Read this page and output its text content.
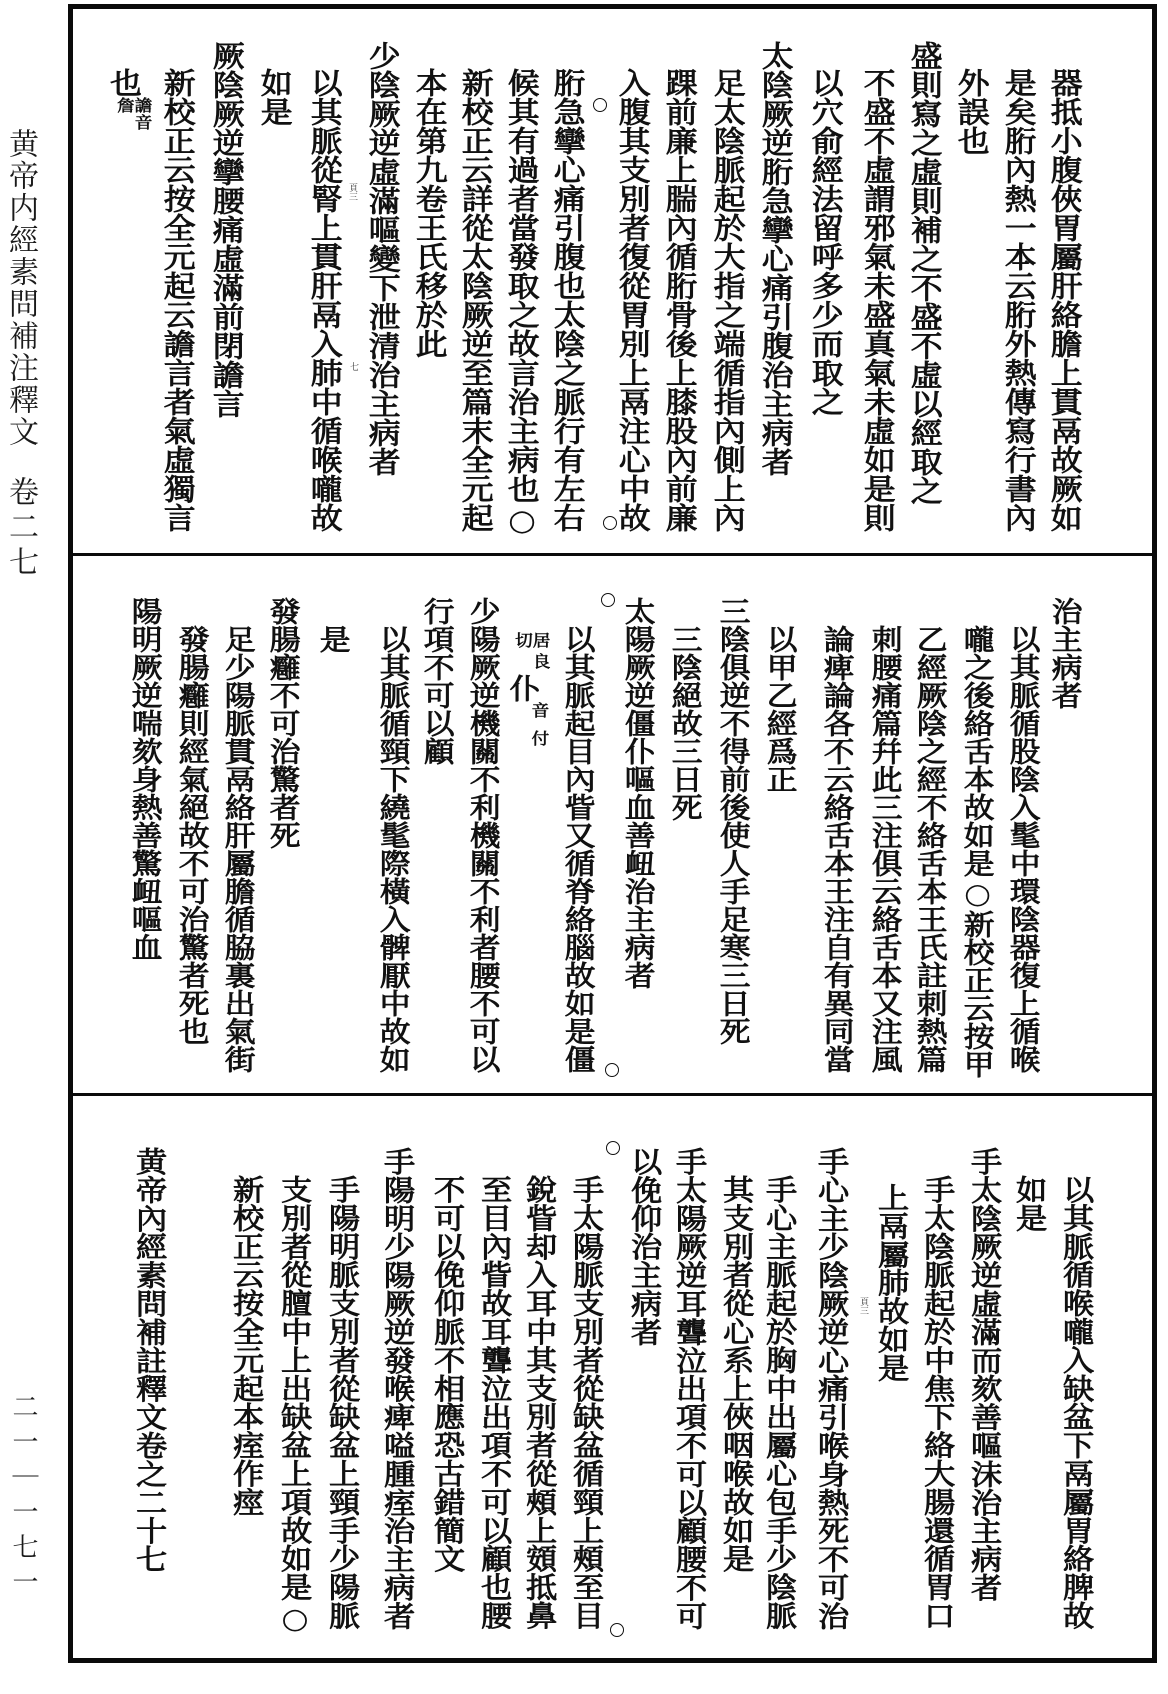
黄帝内經素問補注釋文
卷二七
二一｜一七一
器抵小腹俠胃屬肝絡膽上貫鬲故厥如
是矣胻內熱一本云胻外熱傳寫行書內
外誤也
盛則寫之虛則補之不盛不虛以經取之
不盛不虛謂邪氣未盛真氣未虛如是則
以穴俞經法留呼多少而取之
太陰厥逆胻急攣心痛引腹治主病者
足太陰脈起於大指之端循指內側上內
踝前廉上腨內循胻骨後上膝股內前廉
入腹其支別者復從胃別上鬲注心中故
胻急攣心痛引腹也太陰之脈行有左右
候其有過者當發取之故言治主病也○
新校正云詳從太陰厥逆至篇末全元起
本在第九卷王氏移於此
少陰厥逆虛滿嘔變下泄清治主病者
頁三
七
以其脈從腎上貫肝鬲入肺中循喉嚨故
如是
厥陰厥逆攣腰痛虛滿前閉譫言
新校正云按全元起云譫言者氣虛獨言
也
譫音
詹
治主病者
以其脈循股陰入髦中環陰器復上循喉
嚨之後絡舌本故如是○新校正云按甲
乙經厥陰之經不絡舌本王氏註刺熱篇
刺腰痛篇幷此三注俱云絡舌本又注風
論痺論各不云絡舌本王注自有異同當
以甲乙經爲正
三陰俱逆不得前後使人手足寒三日死
三陰絕故三日死
太陽厥逆僵仆嘔血善衄治主病者
以其脈起目內眥又循脊絡腦故如是僵
居良
切
仆
音付
少陽厥逆機關不利機關不利者腰不可以
行項不可以顧
以其脈循頸下繞髦際橫入髀厭中故如
是
發腸癰不可治驚者死
足少陽脈貫鬲絡肝屬膽循脇裏出氣街
發腸癰則經氣絕故不可治驚者死也
陽明厥逆喘欬身熱善驚衄嘔血
以其脈循喉嚨入缺盆下鬲屬胃絡脾故
如是
手太陰厥逆虛滿而欬善嘔沫治主病者
手太陰脈起於中焦下絡大腸還循胃口
上鬲屬肺故如是
頁三
手心主少陰厥逆心痛引喉身熱死不可治
手心主脈起於胸中出屬心包手少陰脈
其支別者從心系上俠咽喉故如是
手太陽厥逆耳聾泣出項不可以顧腰不可
以俛仰治主病者
手太陽脈支別者從缺盆循頸上頰至目
銳眥却入耳中其支別者從頰上頞抵鼻
至目內眥故耳聾泣出項不可以顧也腰
不可以俛仰脈不相應恐古錯簡文
手陽明少陽厥逆發喉痺嗌腫痓治主病者
手陽明脈支別者從缺盆上頸手少陽脈
支別者從膻中上出缺盆上項故如是○
新校正云按全元起本痓作痙
黄帝內經素問補註釋文卷之二十七
